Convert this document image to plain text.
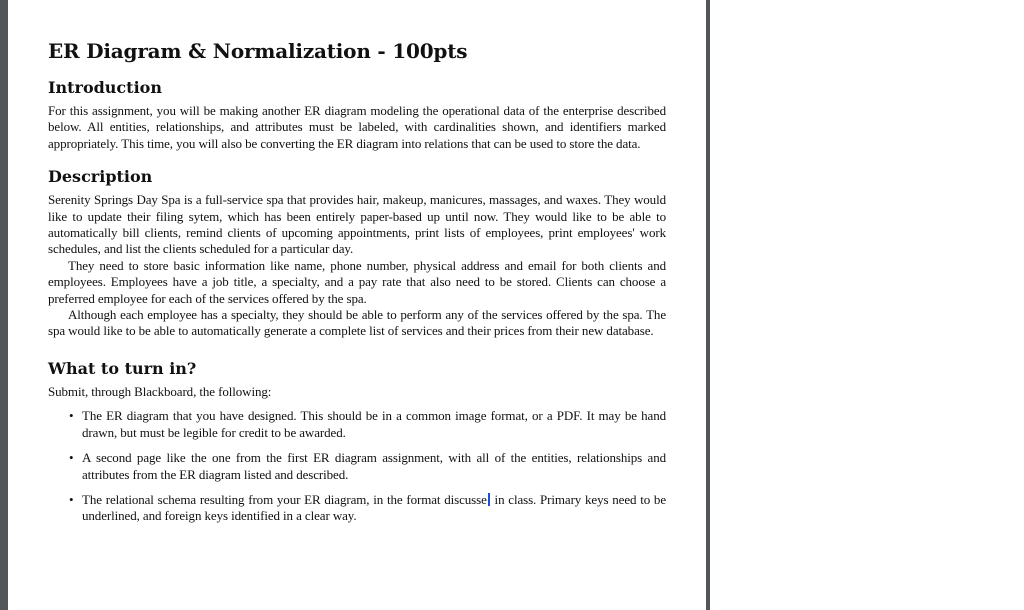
ER Diagram & Normalization - 100pts
Introduction

For this assignment, you will be making another ER diagram modeling the operational data of the enterprise described below. All entities, relationships, and attributes must be labeled, with cardinalities shown, and identifiers marked appropriately. This time, you will also be converting the ER diagram into relations that can be used to store the data.

Description

Serenity Springs Day Spa is a full-service spa that provides hair, makeup, manicures, massages, and waxes. They would like to update their filing sytem, which has been entirely paper-based up until now. They would like to be able to automatically bill clients, remind clients of upcoming appointments, print lists of employees, print employees' work schedules, and list the clients scheduled for a particular day.

They need to store basic information like name, phone number, physical address and email for both clients and employees. Employees have a job title, a specialty, and a pay rate that also need to be stored. Clients can choose a preferred employee for each of the services offered by the spa.

Although each employee has a specialty, they should be able to perform any of the services offered by the spa. The spa would like to be able to automatically generate a complete list of services and their prices from their new database.

What to turn in?

Submit, through Blackboard, the following:

• The ER diagram that you have designed. This should be in a common image format, or a PDF. It may be hand drawn, but must be legible for credit to be awarded.
• A second page like the one from the first ER diagram assignment, with all of the entities, relationships and attributes from the ER diagram listed and described.
• The relational schema resulting from your ER diagram, in the format discusse in class. Primary keys need to be underlined, and foreign keys identified in a clear way.
